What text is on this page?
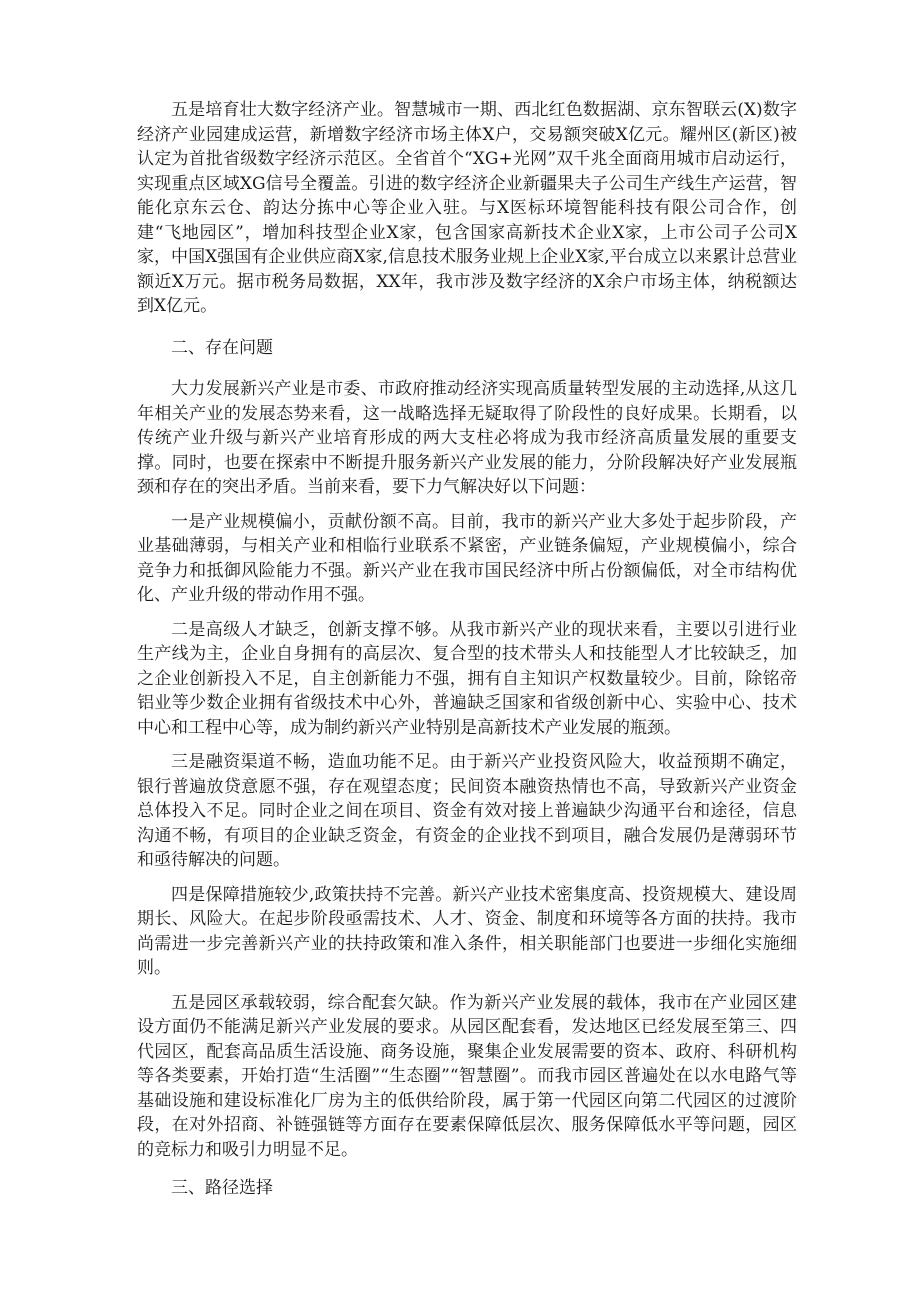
五是培育壮大数字经济产业。智慧城市一期、西北红色数据湖、京东智联云(X)数字经济产业园建成运营，新增数字经济市场主体X户，交易额突破X亿元。耀州区(新区)被认定为首批省级数字经济示范区。全省首个“XG+光网”双千兆全面商用城市启动运行，实现重点区域XG信号全覆盖。引进的数字经济企业新疆果夫子公司生产线生产运营，智能化京东云仓、韵达分拣中心等企业入驻。与X医标环境智能科技有限公司合作，创建“飞地园区”，增加科技型企业X家，包含国家高新技术企业X家，上市公司子公司X家，中国X强国有企业供应商X家,信息技术服务业规上企业X家,平台成立以来累计总营业额近X万元。据市税务局数据，XX年，我市涉及数字经济的X余户市场主体，纳税额达到X亿元。

二、存在问题

大力发展新兴产业是市委、市政府推动经济实现高质量转型发展的主动选择,从这几年相关产业的发展态势来看，这一战略选择无疑取得了阶段性的良好成果。长期看，以传统产业升级与新兴产业培育形成的两大支柱必将成为我市经济高质量发展的重要支撑。同时，也要在探索中不断提升服务新兴产业发展的能力，分阶段解决好产业发展瓶颈和存在的突出矛盾。当前来看，要下力气解决好以下问题：

一是产业规模偏小，贡献份额不高。目前，我市的新兴产业大多处于起步阶段，产业基础薄弱，与相关产业和相临行业联系不紧密，产业链条偏短，产业规模偏小，综合竞争力和抵御风险能力不强。新兴产业在我市国民经济中所占份额偏低，对全市结构优化、产业升级的带动作用不强。

二是高级人才缺乏，创新支撑不够。从我市新兴产业的现状来看，主要以引进行业生产线为主，企业自身拥有的高层次、复合型的技术带头人和技能型人才比较缺乏，加之企业创新投入不足，自主创新能力不强，拥有自主知识产权数量较少。目前，除铭帝铝业等少数企业拥有省级技术中心外，普遍缺乏国家和省级创新中心、实验中心、技术中心和工程中心等，成为制约新兴产业特别是高新技术产业发展的瓶颈。

三是融资渠道不畅，造血功能不足。由于新兴产业投资风险大，收益预期不确定，银行普遍放贷意愿不强，存在观望态度；民间资本融资热情也不高，导致新兴产业资金总体投入不足。同时企业之间在项目、资金有效对接上普遍缺少沟通平台和途径，信息沟通不畅，有项目的企业缺乏资金，有资金的企业找不到项目，融合发展仍是薄弱环节和亟待解决的问题。

四是保障措施较少,政策扶持不完善。新兴产业技术密集度高、投资规模大、建设周期长、风险大。在起步阶段亟需技术、人才、资金、制度和环境等各方面的扶持。我市尚需进一步完善新兴产业的扶持政策和准入条件，相关职能部门也要进一步细化实施细则。

五是园区承载较弱，综合配套欠缺。作为新兴产业发展的载体，我市在产业园区建设方面仍不能满足新兴产业发展的要求。从园区配套看，发达地区已经发展至第三、四代园区，配套高品质生活设施、商务设施，聚集企业发展需要的资本、政府、科研机构等各类要素，开始打造“生活圈”“生态圈”“智慧圈”。而我市园区普遍处在以水电路气等基础设施和建设标准化厂房为主的低供给阶段，属于第一代园区向第二代园区的过渡阶段，在对外招商、补链强链等方面存在要素保障低层次、服务保障低水平等问题，园区的竞标力和吸引力明显不足。

三、路径选择
